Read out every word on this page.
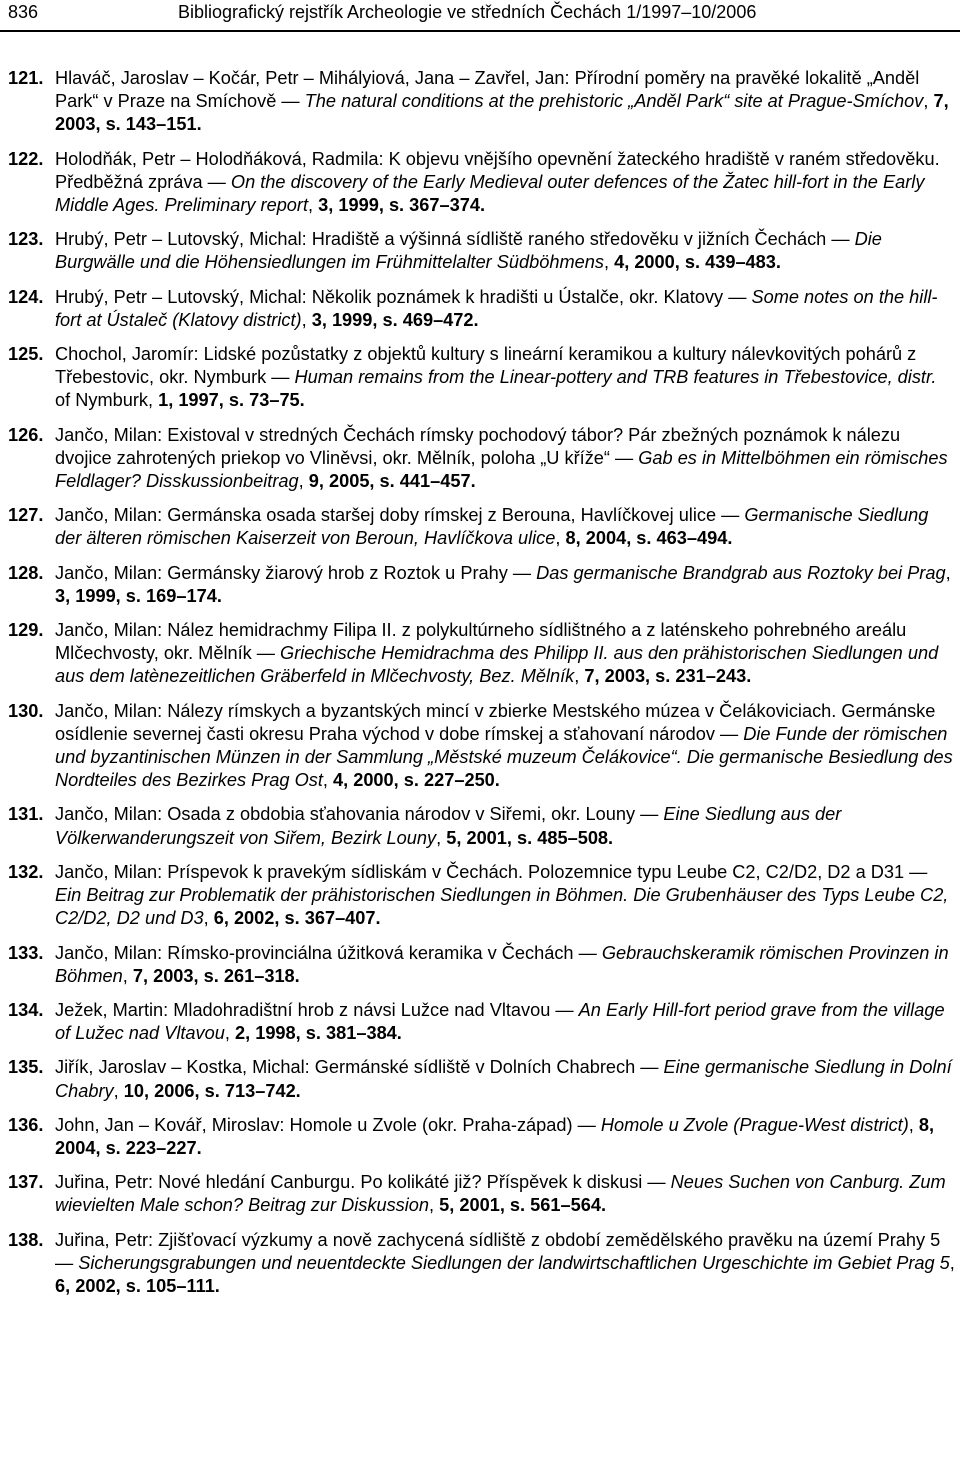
836	Bibliografický rejstřík Archeologie ve středních Čechách 1/1997–10/2006

121. Hlaváč, Jaroslav – Kočár, Petr – Mihályiová, Jana – Zavřel, Jan: Přírodní poměry na pravěké lokalitě „Anděl Park“ v Praze na Smíchově — The natural conditions at the prehistoric „Anděl Park“ site at Prague-Smíchov, 7, 2003, s. 143–151.

122. Holodňák, Petr – Holodňáková, Radmila: K objevu vnějšího opevnění žateckého hradiště v raném středověku. Předběžná zpráva — On the discovery of the Early Medieval outer defences of the Žatec hill-fort in the Early Middle Ages. Preliminary report, 3, 1999, s. 367–374.

123. Hrubý, Petr – Lutovský, Michal: Hradiště a výšinná sídliště raného středověku v jižních Čechách — Die Burgwälle und die Höhensiedlungen im Frühmittelalter Südböhmens, 4, 2000, s. 439–483.

124. Hrubý, Petr – Lutovský, Michal: Několik poznámek k hradišti u Ústalče, okr. Klatovy — Some notes on the hill-fort at Ústaleč (Klatovy district), 3, 1999, s. 469–472.

125. Chochol, Jaromír: Lidské pozůstatky z objektů kultury s lineární keramikou a kultury nálevkovitých pohárů z Třebestovic, okr. Nymburk — Human remains from the Linear-pottery and TRB features in Třebestovice, distr. of Nymburk, 1, 1997, s. 73–75.

126. Jančo, Milan: Existoval v stredných Čechách rímsky pochodový tábor? Pár zbežných poznámok k nálezu dvojice zahrotených priekop vo Vliněvsi, okr. Mělník, poloha „U kříže“ — Gab es in Mittelböhmen ein römisches Feldlager? Disskussionbeitrag, 9, 2005, s. 441–457.

127. Jančo, Milan: Germánska osada staršej doby rímskej z Berouna, Havlíčkovej ulice — Germanische Siedlung der älteren römischen Kaiserzeit von Beroun, Havlíčkova ulice, 8, 2004, s. 463–494.

128. Jančo, Milan: Germánsky žiarový hrob z Roztok u Prahy — Das germanische Brandgrab aus Roztoky bei Prag, 3, 1999, s. 169–174.

129. Jančo, Milan: Nález hemidrachmy Filipa II. z polykultúrneho sídlištného a z laténskeho pohrebného areálu Mlčechvosty, okr. Mělník — Griechische Hemidrachma des Philipp II. aus den prähistorischen Siedlungen und aus dem latènezeitlichen Gräberfeld in Mlčechvosty, Bez. Mělník, 7, 2003, s. 231–243.

130. Jančo, Milan: Nálezy rímskych a byzantských mincí v zbierke Mestského múzea v Čelákoviciach. Germánske osídlenie severnej časti okresu Praha východ v dobe rímskej a sťahovaní národov — Die Funde der römischen und byzantinischen Münzen in der Sammlung „Městské muzeum Čelákovice“. Die germanische Besiedlung des Nordteiles des Bezirkes Prag Ost, 4, 2000, s. 227–250.

131. Jančo, Milan: Osada z obdobia sťahovania národov v Siřemi, okr. Louny — Eine Siedlung aus der Völkerwanderungszeit von Siřem, Bezirk Louny, 5, 2001, s. 485–508.

132. Jančo, Milan: Príspevok k pravekým sídliskám v Čechách. Polozemnice typu Leube C2, C2/D2, D2 a D31 — Ein Beitrag zur Problematik der prähistorischen Siedlungen in Böhmen. Die Grubenhäuser des Typs Leube C2, C2/D2, D2 und D3, 6, 2002, s. 367–407.

133. Jančo, Milan: Rímsko-provinciálna úžitková keramika v Čechách — Gebrauchskeramik römischen Provinzen in Böhmen, 7, 2003, s. 261–318.

134. Ježek, Martin: Mladohradištní hrob z návsi Lužce nad Vltavou — An Early Hill-fort period grave from the village of Lužec nad Vltavou, 2, 1998, s. 381–384.

135. Jiřík, Jaroslav – Kostka, Michal: Germánské sídliště v Dolních Chabrech — Eine germanische Siedlung in Dolní Chabry, 10, 2006, s. 713–742.

136. John, Jan – Kovář, Miroslav: Homole u Zvole (okr. Praha-západ) — Homole u Zvole (Prague-West district), 8, 2004, s. 223–227.

137. Juřina, Petr: Nové hledání Canburgu. Po kolikáté již? Příspěvek k diskusi — Neues Suchen von Canburg. Zum wievielten Male schon? Beitrag zur Diskussion, 5, 2001, s. 561–564.

138. Juřina, Petr: Zjišťovací výzkumy a nově zachycená sídliště z období zemědělského pravěku na území Prahy 5 — Sicherungsgrabungen und neuentdeckte Siedlungen der landwirtschaftlichen Urgeschichte im Gebiet Prag 5, 6, 2002, s. 105–111.
